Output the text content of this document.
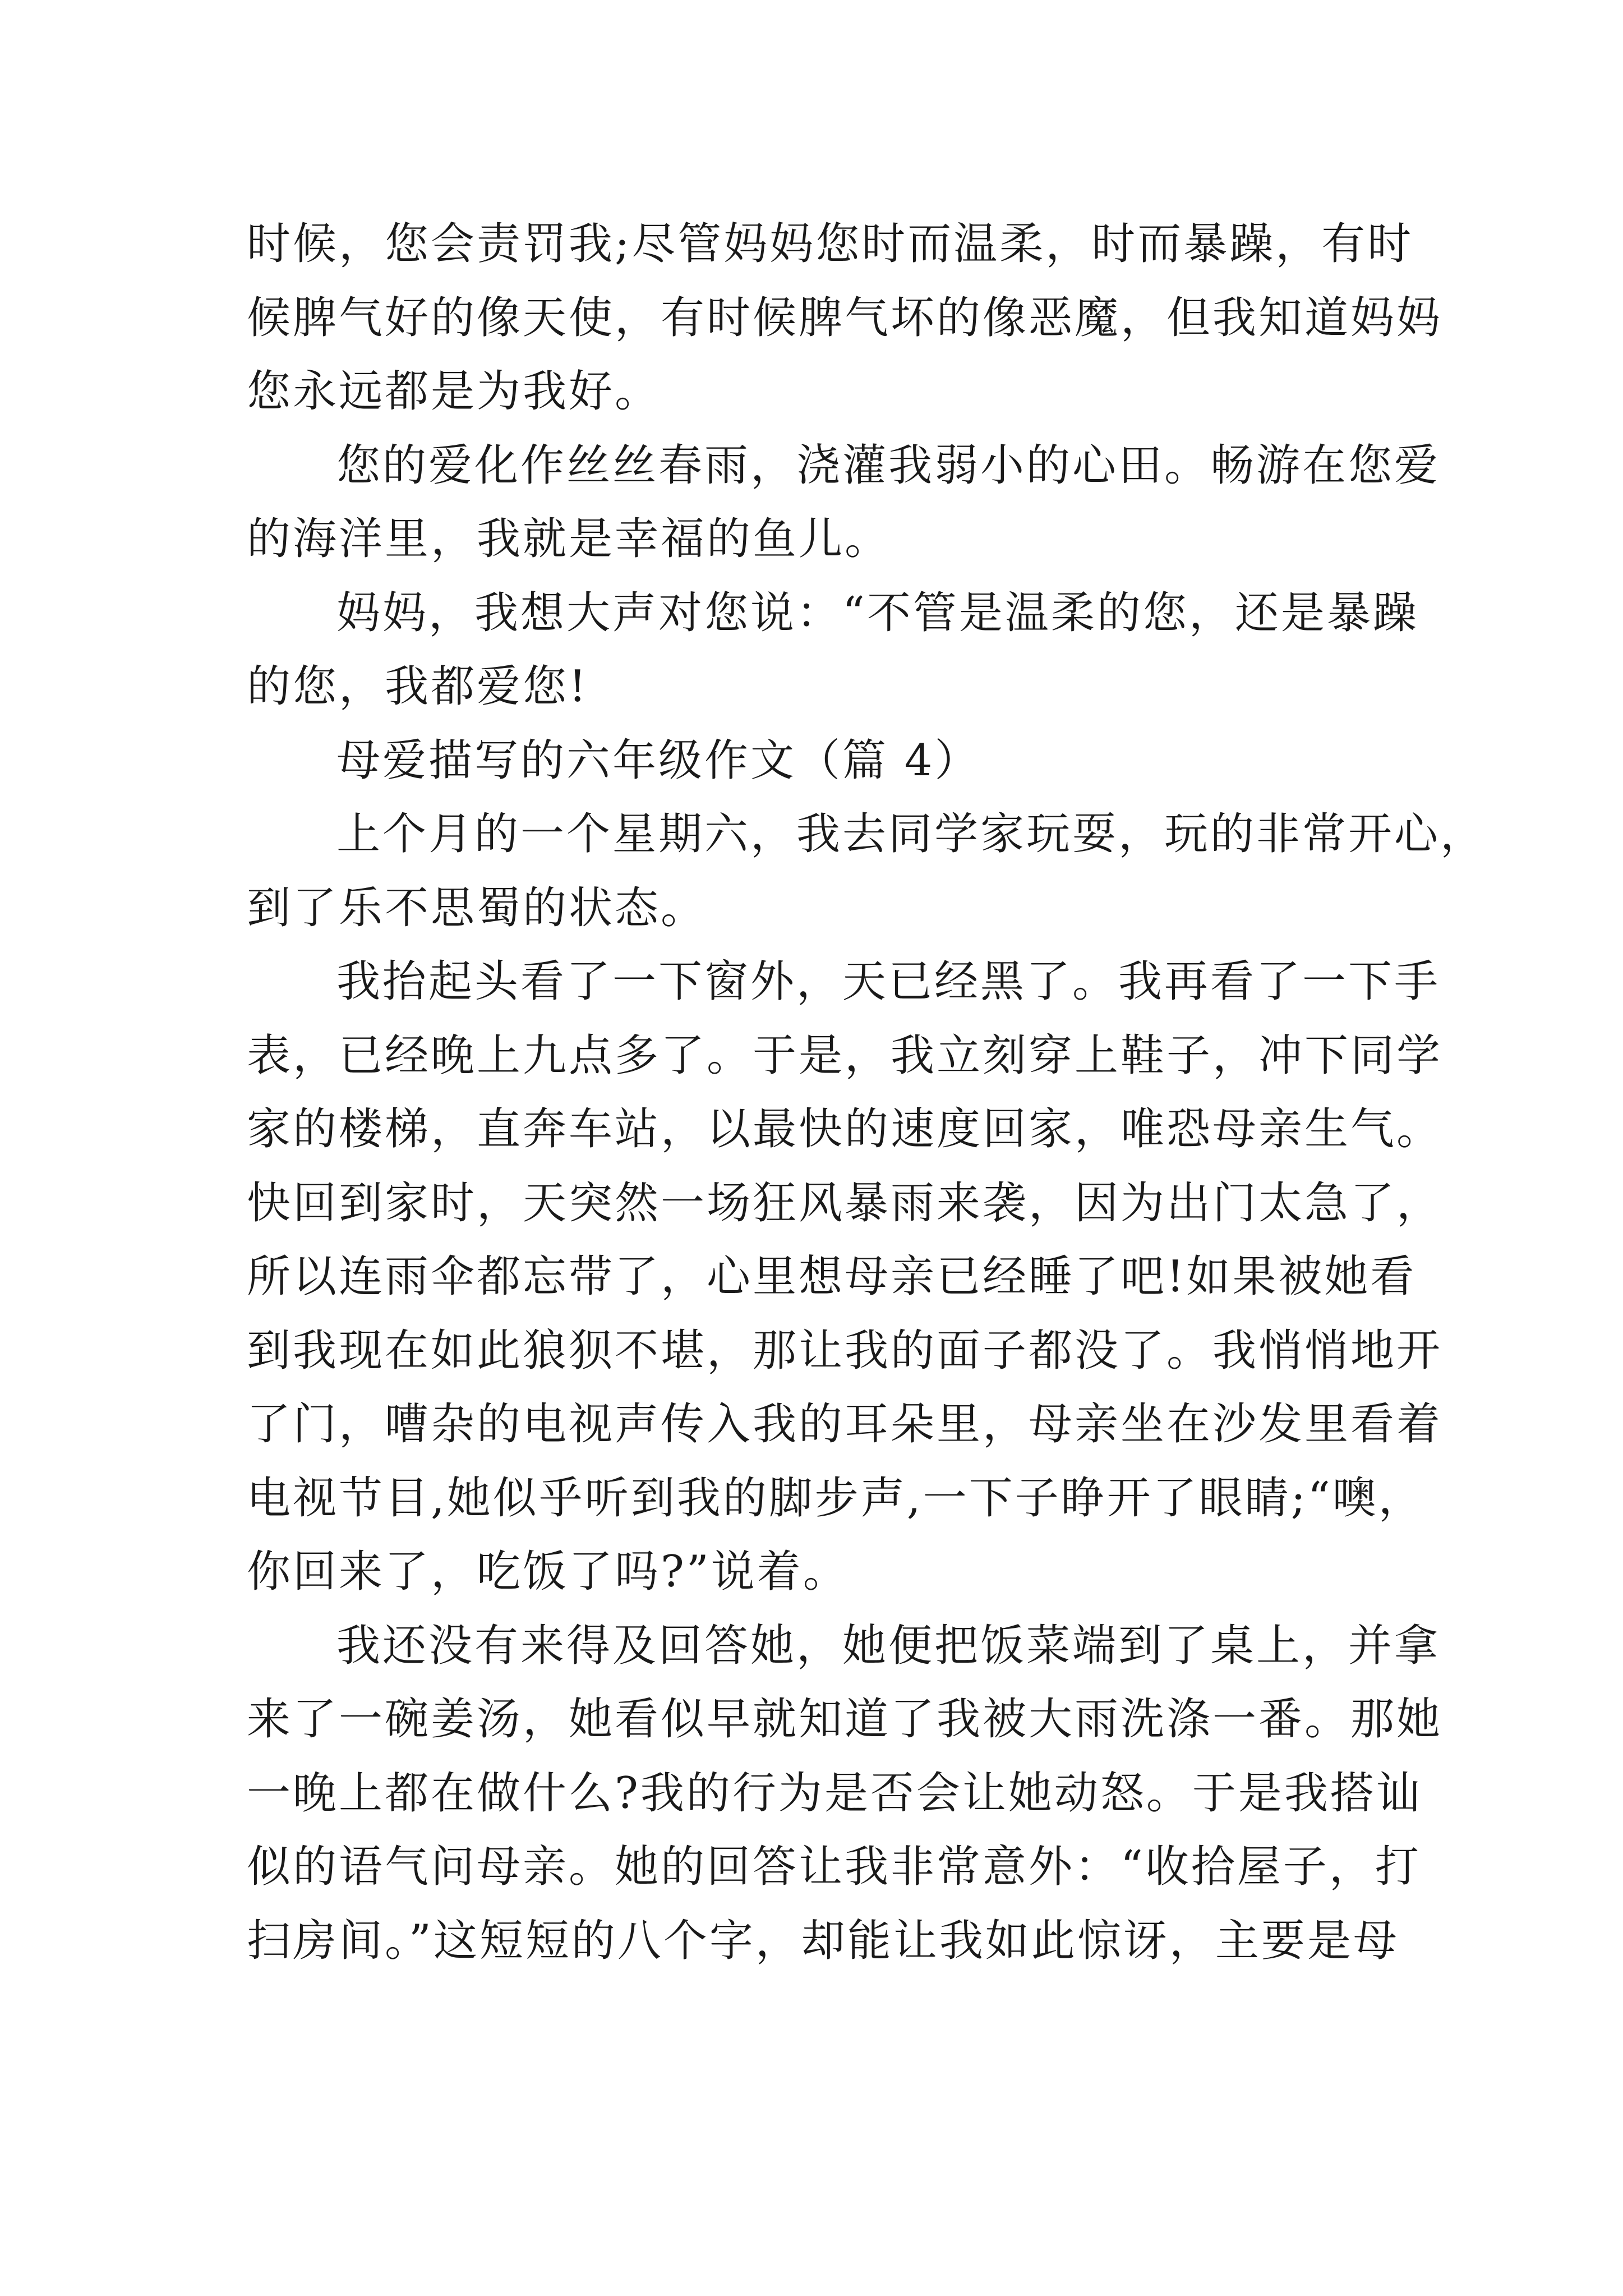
时候，您会责罚我;尽管妈妈您时而温柔，时而暴躁，有时

候脾气好的像天使，有时候脾气坏的像恶魔，但我知道妈妈

您永远都是为我好。

您的爱化作丝丝春雨，浇灌我弱小的心田。畅游在您爱

的海洋里，我就是幸福的鱼儿。

妈妈，我想大声对您说：“不管是温柔的您，还是暴躁

的您，我都爱您!

母爱描写的六年级作文（篇 4）

上个月的一个星期六，我去同学家玩耍，玩的非常开心，

到了乐不思蜀的状态。

我抬起头看了一下窗外，天已经黑了。我再看了一下手

表，已经晚上九点多了。于是，我立刻穿上鞋子，冲下同学

家的楼梯，直奔车站，以最快的速度回家，唯恐母亲生气。

快回到家时，天突然一场狂风暴雨来袭，因为出门太急了，

所以连雨伞都忘带了，心里想母亲已经睡了吧!如果被她看

到我现在如此狼狈不堪，那让我的面子都没了。我悄悄地开

了门，嘈杂的电视声传入我的耳朵里，母亲坐在沙发里看着

电视节目,她似乎听到我的脚步声,一下子睁开了眼睛;“噢，

你回来了，吃饭了吗?”说着。

我还没有来得及回答她，她便把饭菜端到了桌上，并拿

来了一碗姜汤，她看似早就知道了我被大雨洗涤一番。那她

一晚上都在做什么?我的行为是否会让她动怒。于是我搭讪

似的语气问母亲。她的回答让我非常意外：“收拾屋子，打

扫房间。”这短短的八个字，却能让我如此惊讶，主要是母
